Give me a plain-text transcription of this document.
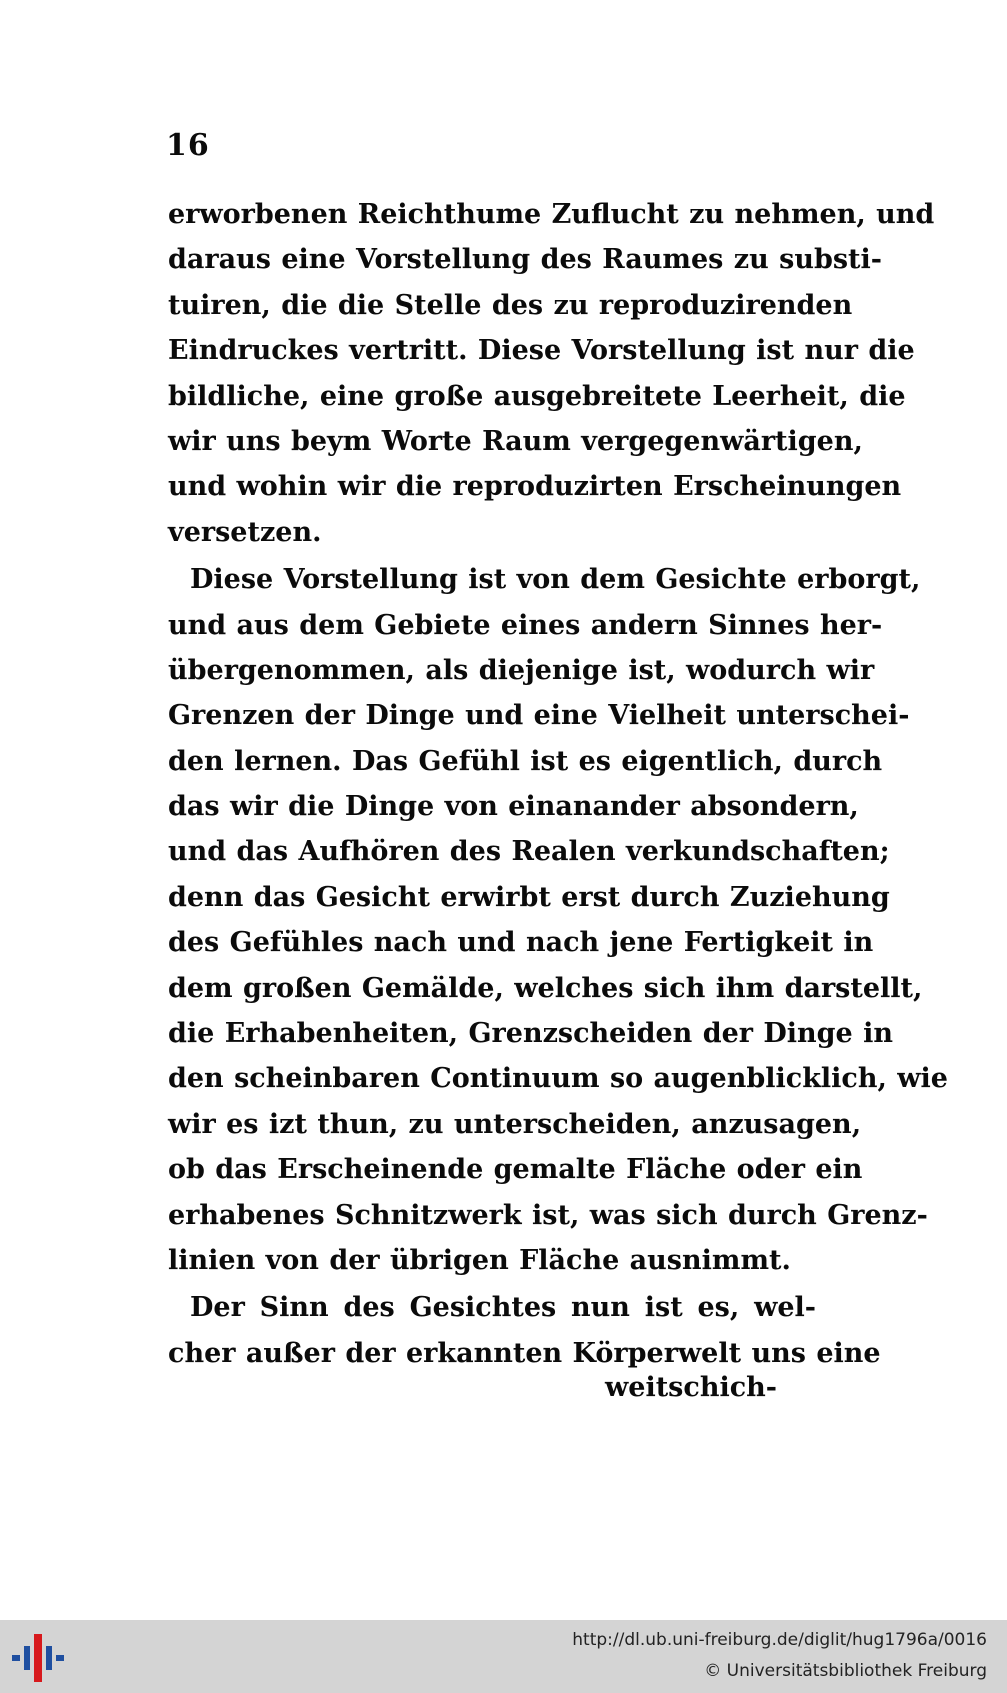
16
erworbenen Reichthume Zuflucht zu nehmen, und
daraus eine Vorstellung des Raumes zu substi-
tuiren, die die Stelle des zu reproduzirenden
Eindruckes vertritt. Diese Vorstellung ist nur die
bildliche, eine große ausgebreitete Leerheit, die
wir uns beym Worte Raum vergegenwärtigen,
und wohin wir die reproduzirten Erscheinungen
versetzen.
Diese Vorstellung ist von dem Gesichte erborgt,
und aus dem Gebiete eines andern Sinnes her-
übergenommen, als diejenige ist, wodurch wir
Grenzen der Dinge und eine Vielheit unterschei-
den lernen. Das Gefühl ist es eigentlich, durch
das wir die Dinge von einanander absondern,
und das Aufhören des Realen verkundschaften;
denn das Gesicht erwirbt erst durch Zuziehung
des Gefühles nach und nach jene Fertigkeit in
dem großen Gemälde, welches sich ihm darstellt,
die Erhabenheiten, Grenzscheiden der Dinge in
den scheinbaren Continuum so augenblicklich, wie
wir es izt thun, zu unterscheiden, anzusagen,
ob das Erscheinende gemalte Fläche oder ein
erhabenes Schnitzwerk ist, was sich durch Grenz-
linien von der übrigen Fläche ausnimmt.
Der Sinn des Gesichtes nun ist es, wel-
cher außer der erkannten Körperwelt uns eine
weitschich-
http://dl.ub.uni-freiburg.de/diglit/hug1796a/0016
© Universitätsbibliothek Freiburg
